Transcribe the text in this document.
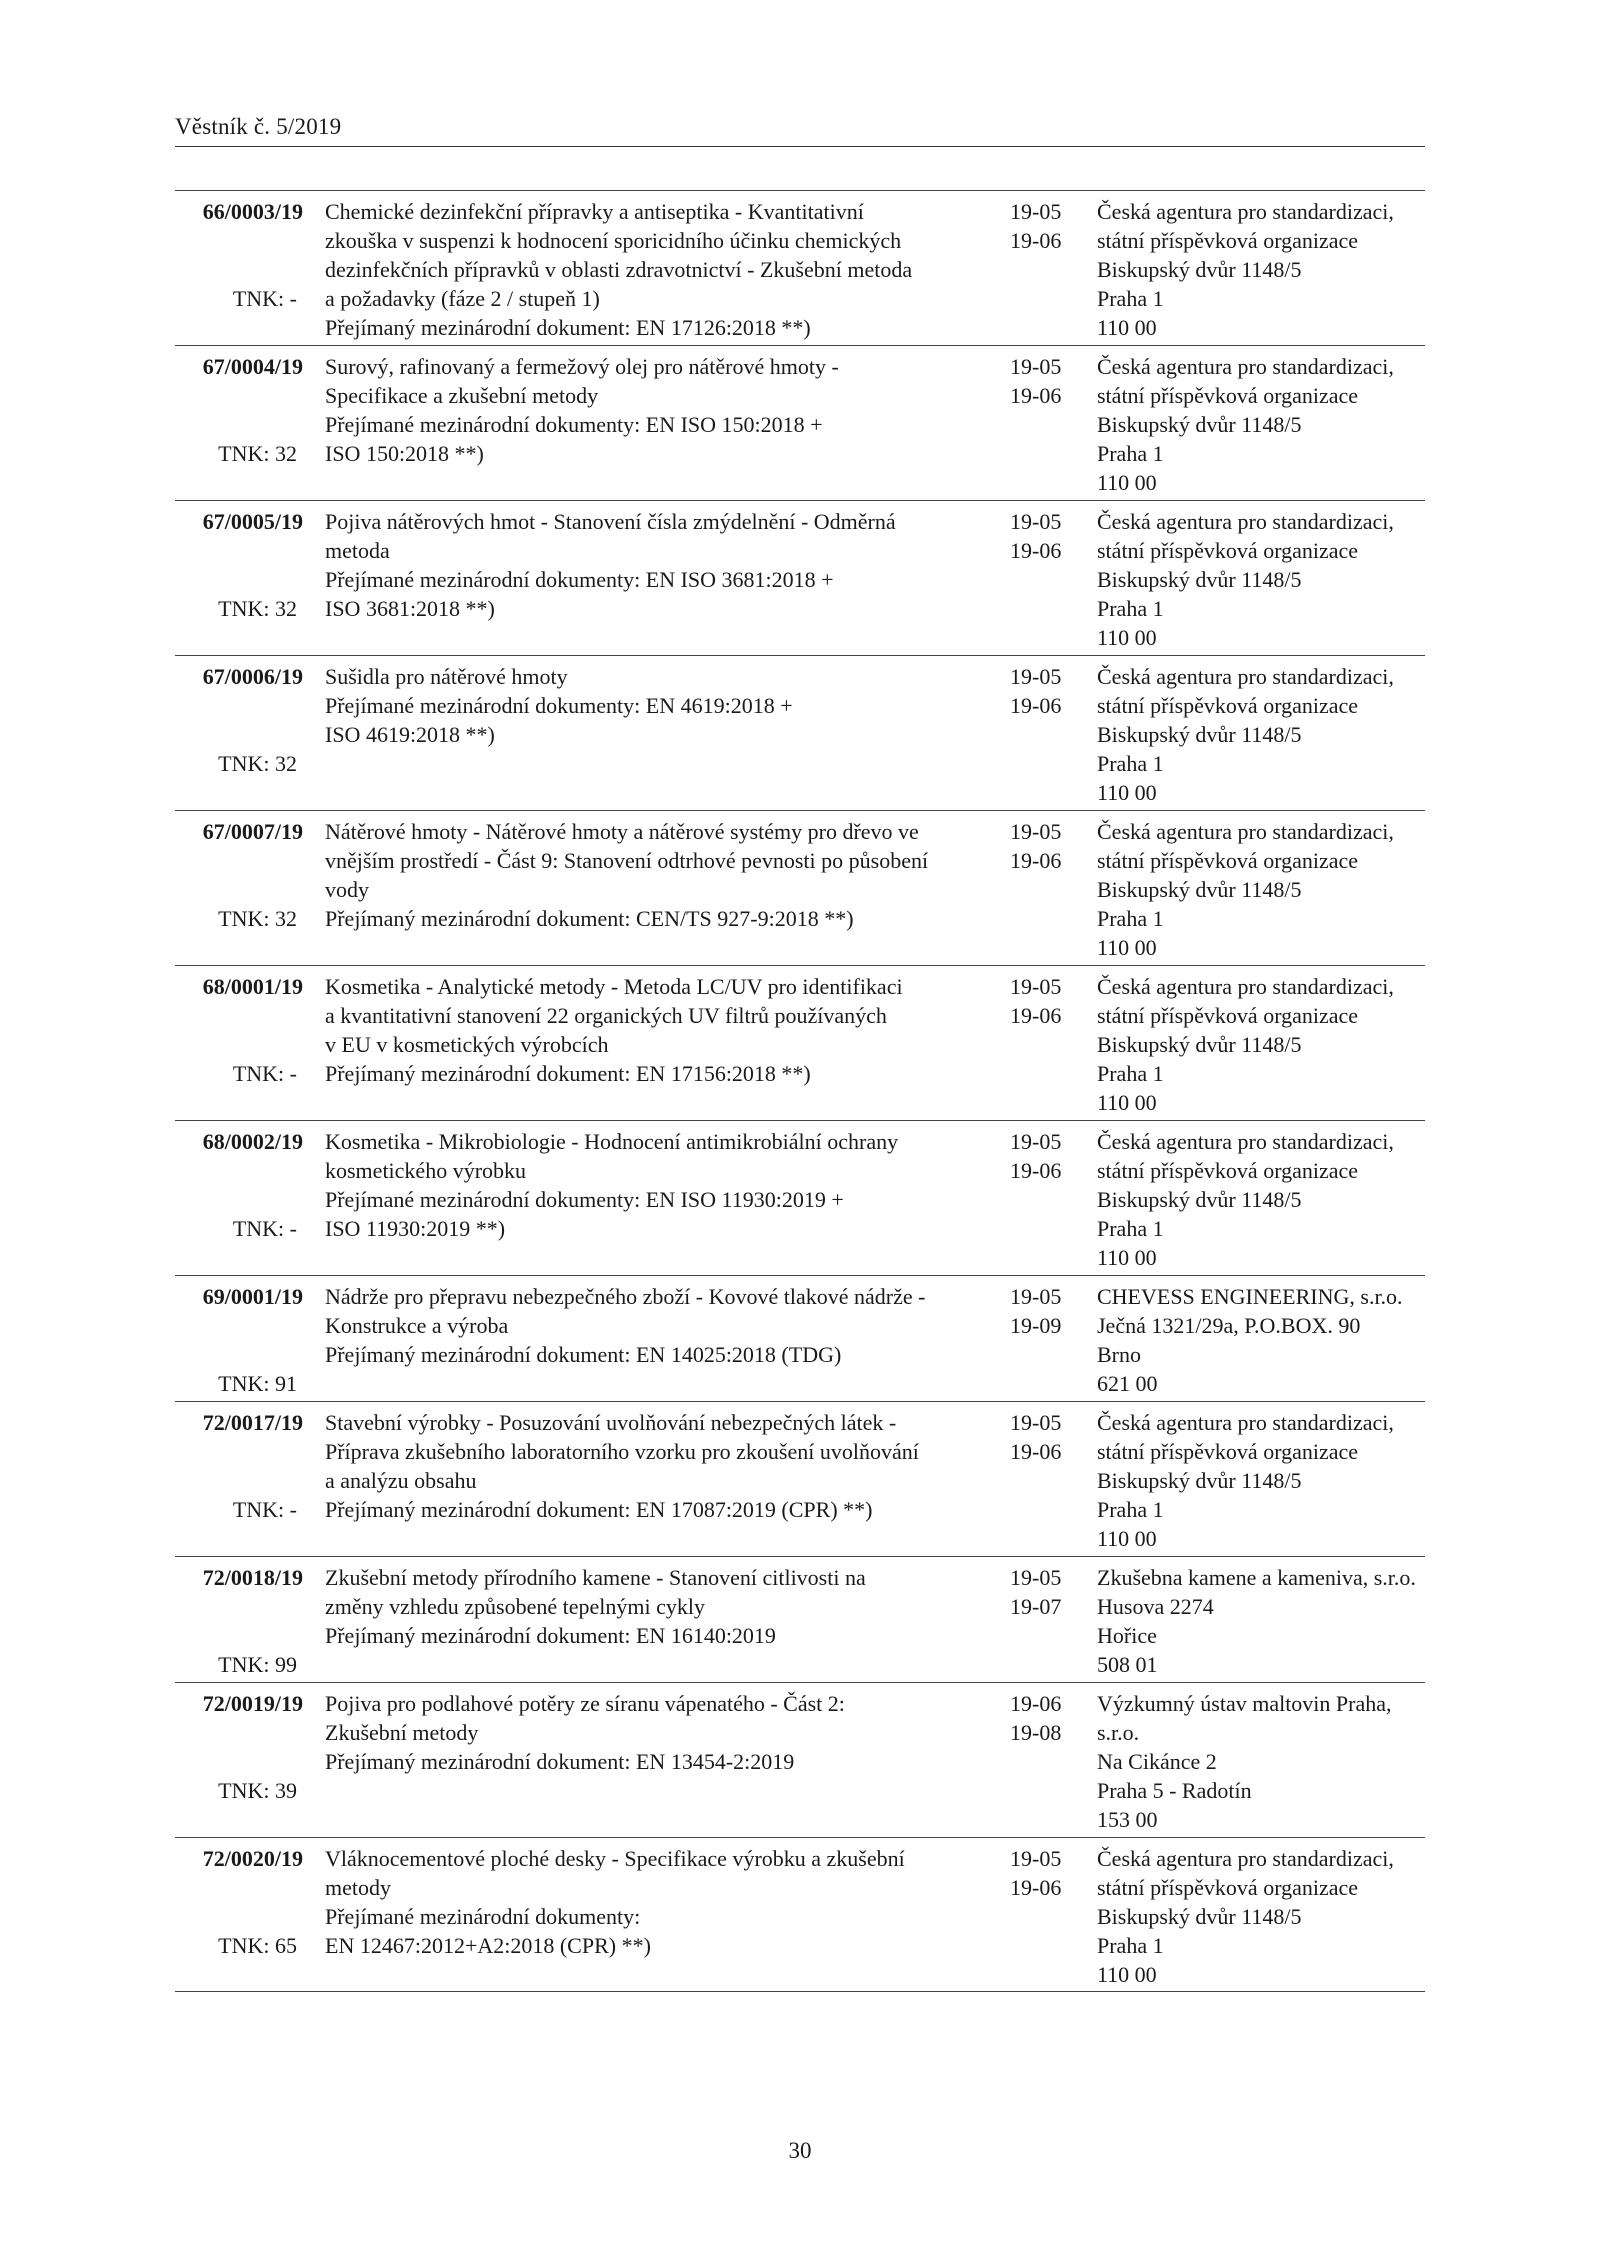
Věstník č. 5/2019
66/0003/19
TNK: -
Chemické dezinfekční přípravky a antiseptika - Kvantitativní
zkouška v suspenzi k hodnocení sporicidního účinku chemických
dezinfekčních přípravků v oblasti zdravotnictví - Zkušební metoda
a požadavky (fáze 2 / stupeň 1)
Přejímaný mezinárodní dokument: EN 17126:2018 **)
19-05
19-06
Česká agentura pro standardizaci,
státní příspěvková organizace
Biskupský dvůr 1148/5
Praha 1
110 00
67/0004/19
TNK: 32
Surový, rafinovaný a fermežový olej pro nátěrové hmoty -
Specifikace a zkušební metody
Přejímané mezinárodní dokumenty: EN ISO 150:2018 +
ISO 150:2018 **)
19-05
19-06
Česká agentura pro standardizaci,
státní příspěvková organizace
Biskupský dvůr 1148/5
Praha 1
110 00
67/0005/19
TNK: 32
Pojiva nátěrových hmot - Stanovení čísla zmýdelnění - Odměrná
metoda
Přejímané mezinárodní dokumenty: EN ISO 3681:2018 +
ISO 3681:2018 **)
19-05
19-06
Česká agentura pro standardizaci,
státní příspěvková organizace
Biskupský dvůr 1148/5
Praha 1
110 00
67/0006/19
TNK: 32
Sušidla pro nátěrové hmoty
Přejímané mezinárodní dokumenty: EN 4619:2018 +
ISO 4619:2018 **)
19-05
19-06
Česká agentura pro standardizaci,
státní příspěvková organizace
Biskupský dvůr 1148/5
Praha 1
110 00
67/0007/19
TNK: 32
Nátěrové hmoty - Nátěrové hmoty a nátěrové systémy pro dřevo ve
vnějším prostředí - Část 9: Stanovení odtrhové pevnosti po působení
vody
Přejímaný mezinárodní dokument: CEN/TS 927-9:2018 **)
19-05
19-06
Česká agentura pro standardizaci,
státní příspěvková organizace
Biskupský dvůr 1148/5
Praha 1
110 00
68/0001/19
TNK: -
Kosmetika - Analytické metody - Metoda LC/UV pro identifikaci
a kvantitativní stanovení 22 organických UV filtrů používaných
v EU v kosmetických výrobcích
Přejímaný mezinárodní dokument: EN 17156:2018 **)
19-05
19-06
Česká agentura pro standardizaci,
státní příspěvková organizace
Biskupský dvůr 1148/5
Praha 1
110 00
68/0002/19
TNK: -
Kosmetika - Mikrobiologie - Hodnocení antimikrobiální ochrany
kosmetického výrobku
Přejímané mezinárodní dokumenty: EN ISO 11930:2019 +
ISO 11930:2019 **)
19-05
19-06
Česká agentura pro standardizaci,
státní příspěvková organizace
Biskupský dvůr 1148/5
Praha 1
110 00
69/0001/19
TNK: 91
Nádrže pro přepravu nebezpečného zboží - Kovové tlakové nádrže -
Konstrukce a výroba
Přejímaný mezinárodní dokument: EN 14025:2018 (TDG)
19-05
19-09
CHEVESS ENGINEERING, s.r.o.
Ječná 1321/29a, P.O.BOX. 90
Brno
621 00
72/0017/19
TNK: -
Stavební výrobky - Posuzování uvolňování nebezpečných látek -
Příprava zkušebního laboratorního vzorku pro zkoušení uvolňování
a analýzu obsahu
Přejímaný mezinárodní dokument: EN 17087:2019 (CPR) **)
19-05
19-06
Česká agentura pro standardizaci,
státní příspěvková organizace
Biskupský dvůr 1148/5
Praha 1
110 00
72/0018/19
TNK: 99
Zkušební metody přírodního kamene - Stanovení citlivosti na
změny vzhledu způsobené tepelnými cykly
Přejímaný mezinárodní dokument: EN 16140:2019
19-05
19-07
Zkušebna kamene a kameniva, s.r.o.
Husova 2274
Hořice
508 01
72/0019/19
TNK: 39
Pojiva pro podlahové potěry ze síranu vápenatého - Část 2:
Zkušební metody
Přejímaný mezinárodní dokument: EN 13454-2:2019
19-06
19-08
Výzkumný ústav maltovin Praha,
s.r.o.
Na Cikánce 2
Praha 5 - Radotín
153 00
72/0020/19
TNK: 65
Vláknocementové ploché desky - Specifikace výrobku a zkušební
metody
Přejímané mezinárodní dokumenty:
EN 12467:2012+A2:2018 (CPR) **)
19-05
19-06
Česká agentura pro standardizaci,
státní příspěvková organizace
Biskupský dvůr 1148/5
Praha 1
110 00
30
